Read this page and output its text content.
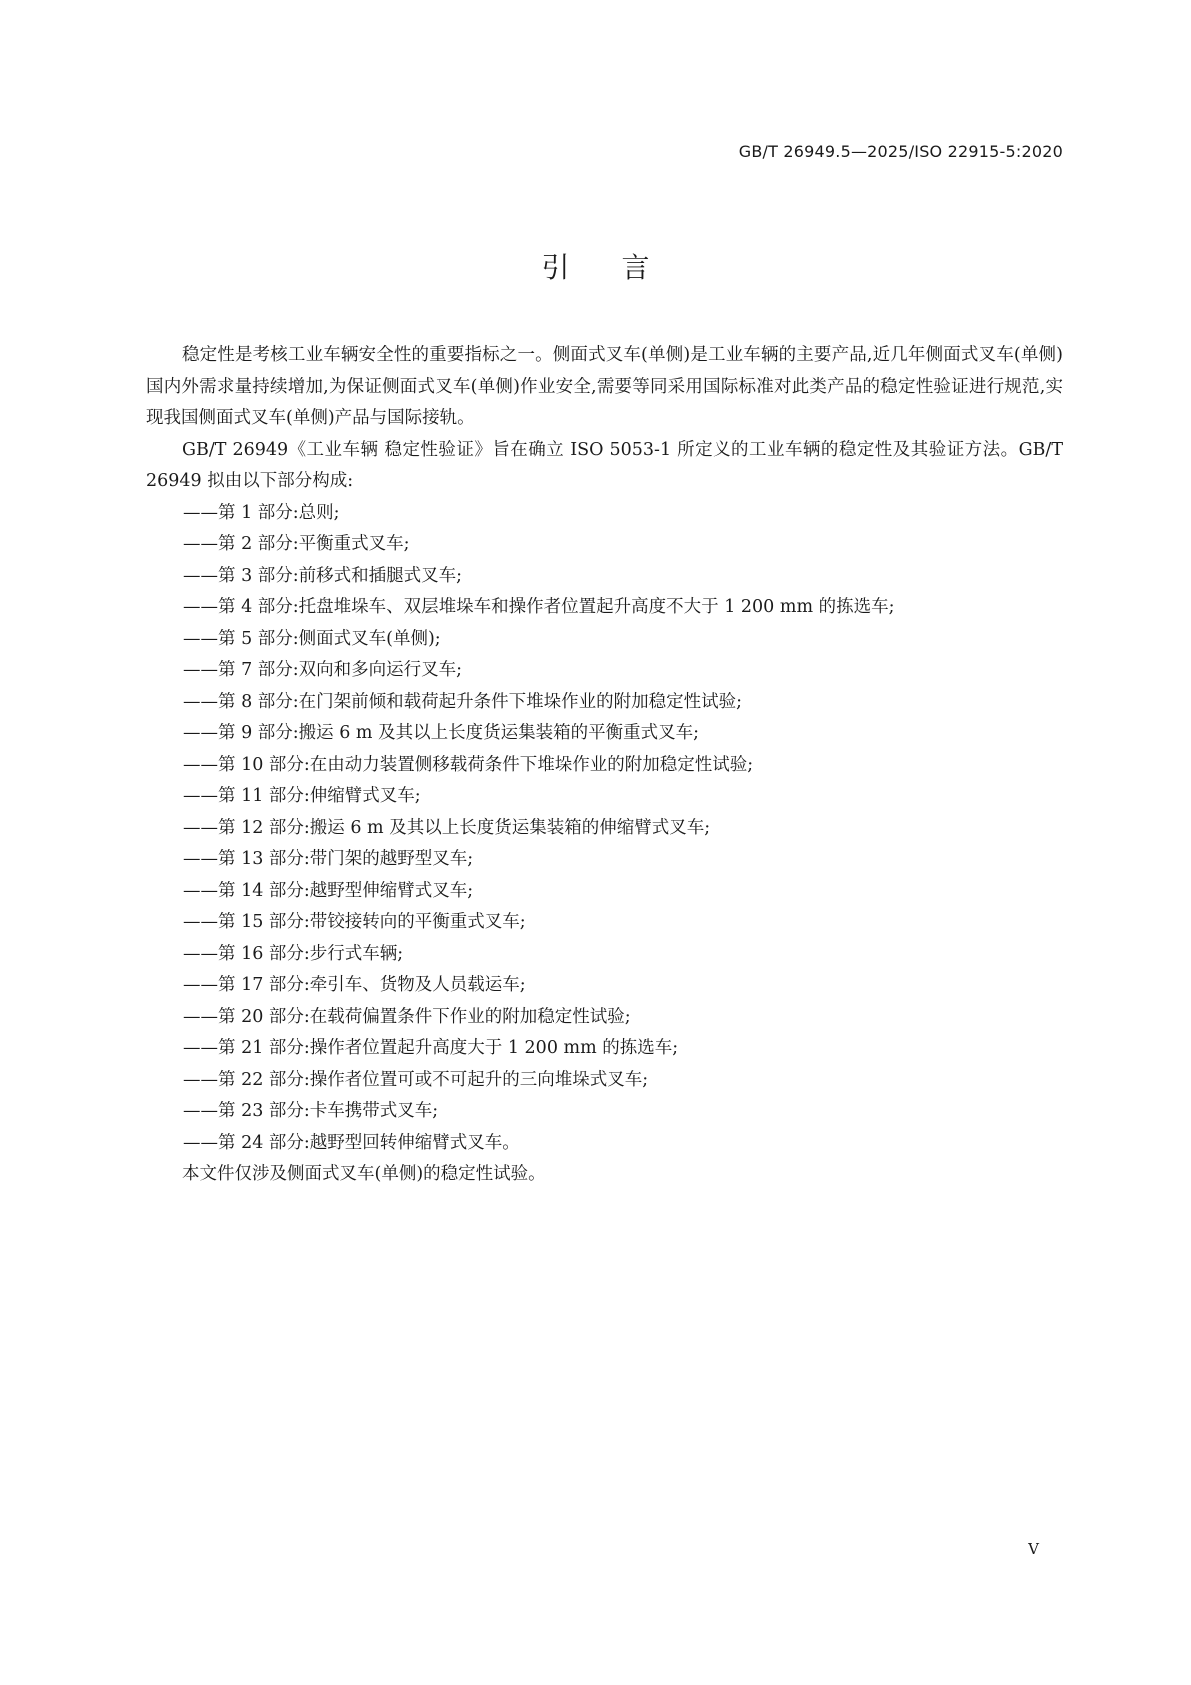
GB/T 26949.5—2025/ISO 22915-5:2020
引言

稳定性是考核工业车辆安全性的重要指标之一。侧面式叉车(单侧)是工业车辆的主要产品,近几年侧面式叉车(单侧)国内外需求量持续增加,为保证侧面式叉车(单侧)作业安全,需要等同采用国际标准对此类产品的稳定性验证进行规范,实现我国侧面式叉车(单侧)产品与国际接轨。

GB/T 26949《工业车辆 稳定性验证》旨在确立 ISO 5053-1 所定义的工业车辆的稳定性及其验证方法。GB/T 26949 拟由以下部分构成:

——第 1 部分:总则;

——第 2 部分:平衡重式叉车;

——第 3 部分:前移式和插腿式叉车;

——第 4 部分:托盘堆垛车、双层堆垛车和操作者位置起升高度不大于 1 200 mm 的拣选车;

——第 5 部分:侧面式叉车(单侧);

——第 7 部分:双向和多向运行叉车;

——第 8 部分:在门架前倾和载荷起升条件下堆垛作业的附加稳定性试验;

——第 9 部分:搬运 6 m 及其以上长度货运集装箱的平衡重式叉车;

——第 10 部分:在由动力装置侧移载荷条件下堆垛作业的附加稳定性试验;

——第 11 部分:伸缩臂式叉车;

——第 12 部分:搬运 6 m 及其以上长度货运集装箱的伸缩臂式叉车;

——第 13 部分:带门架的越野型叉车;

——第 14 部分:越野型伸缩臂式叉车;

——第 15 部分:带铰接转向的平衡重式叉车;

——第 16 部分:步行式车辆;

——第 17 部分:牵引车、货物及人员载运车;

——第 20 部分:在载荷偏置条件下作业的附加稳定性试验;

——第 21 部分:操作者位置起升高度大于 1 200 mm 的拣选车;

——第 22 部分:操作者位置可或不可起升的三向堆垛式叉车;

——第 23 部分:卡车携带式叉车;

——第 24 部分:越野型回转伸缩臂式叉车。

本文件仅涉及侧面式叉车(单侧)的稳定性试验。

V
